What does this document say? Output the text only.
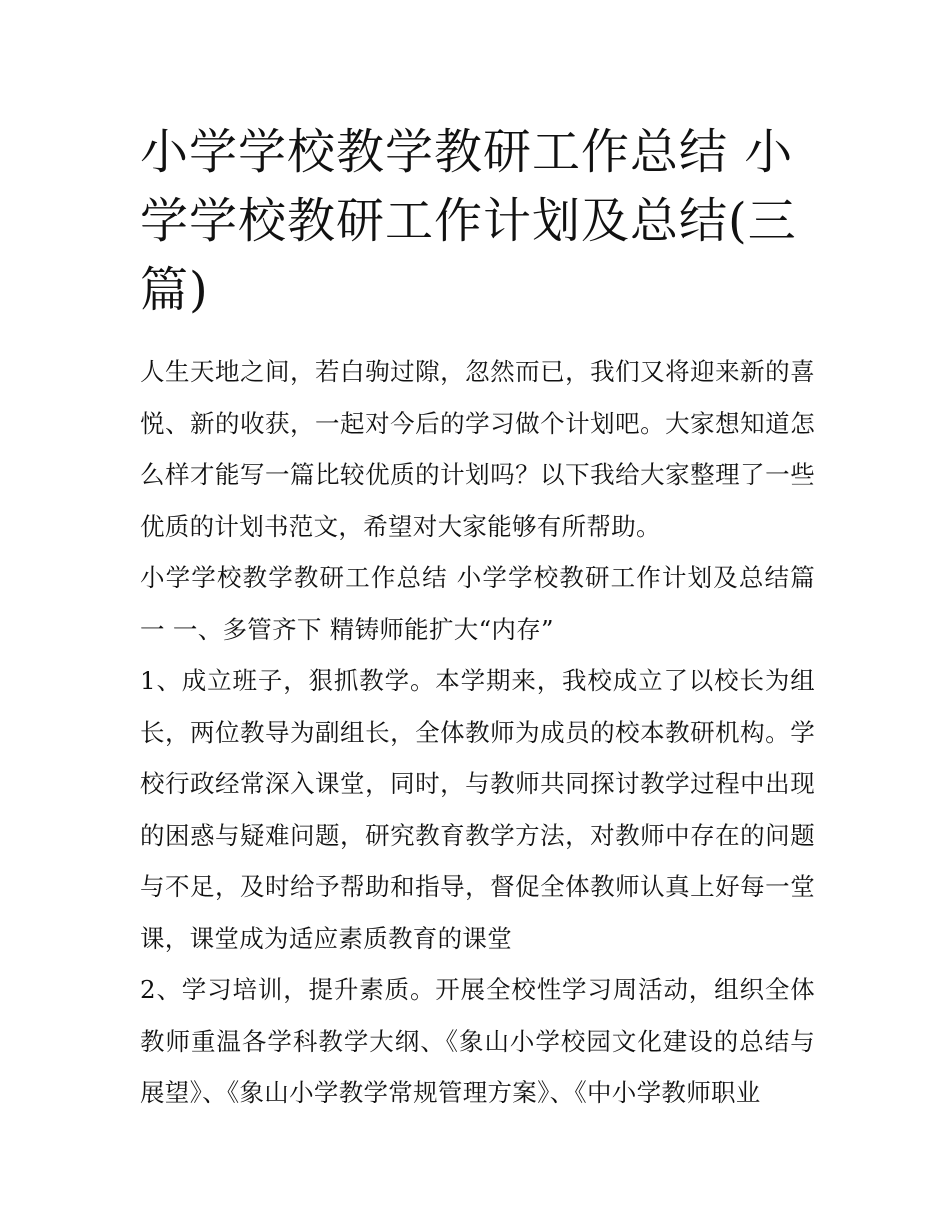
小学学校教学教研工作总结 小学学校教研工作计划及总结(三篇)

人生天地之间，若白驹过隙，忽然而已，我们又将迎来新的喜悦、新的收获，一起对今后的学习做个计划吧。大家想知道怎么样才能写一篇比较优质的计划吗？以下我给大家整理了一些优质的计划书范文，希望对大家能够有所帮助。

小学学校教学教研工作总结 小学学校教研工作计划及总结篇一 一、多管齐下 精铸师能扩大“内存”

1、成立班子，狠抓教学。本学期来，我校成立了以校长为组长，两位教导为副组长，全体教师为成员的校本教研机构。学校行政经常深入课堂，同时，与教师共同探讨教学过程中出现的困惑与疑难问题，研究教育教学方法，对教师中存在的问题与不足，及时给予帮助和指导，督促全体教师认真上好每一堂课，课堂成为适应素质教育的课堂

2、学习培训，提升素质。开展全校性学习周活动，组织全体教师重温各学科教学大纲、《象山小学校园文化建设的总结与展望》、《象山小学教学常规管理方案》、《中小学教师职业
